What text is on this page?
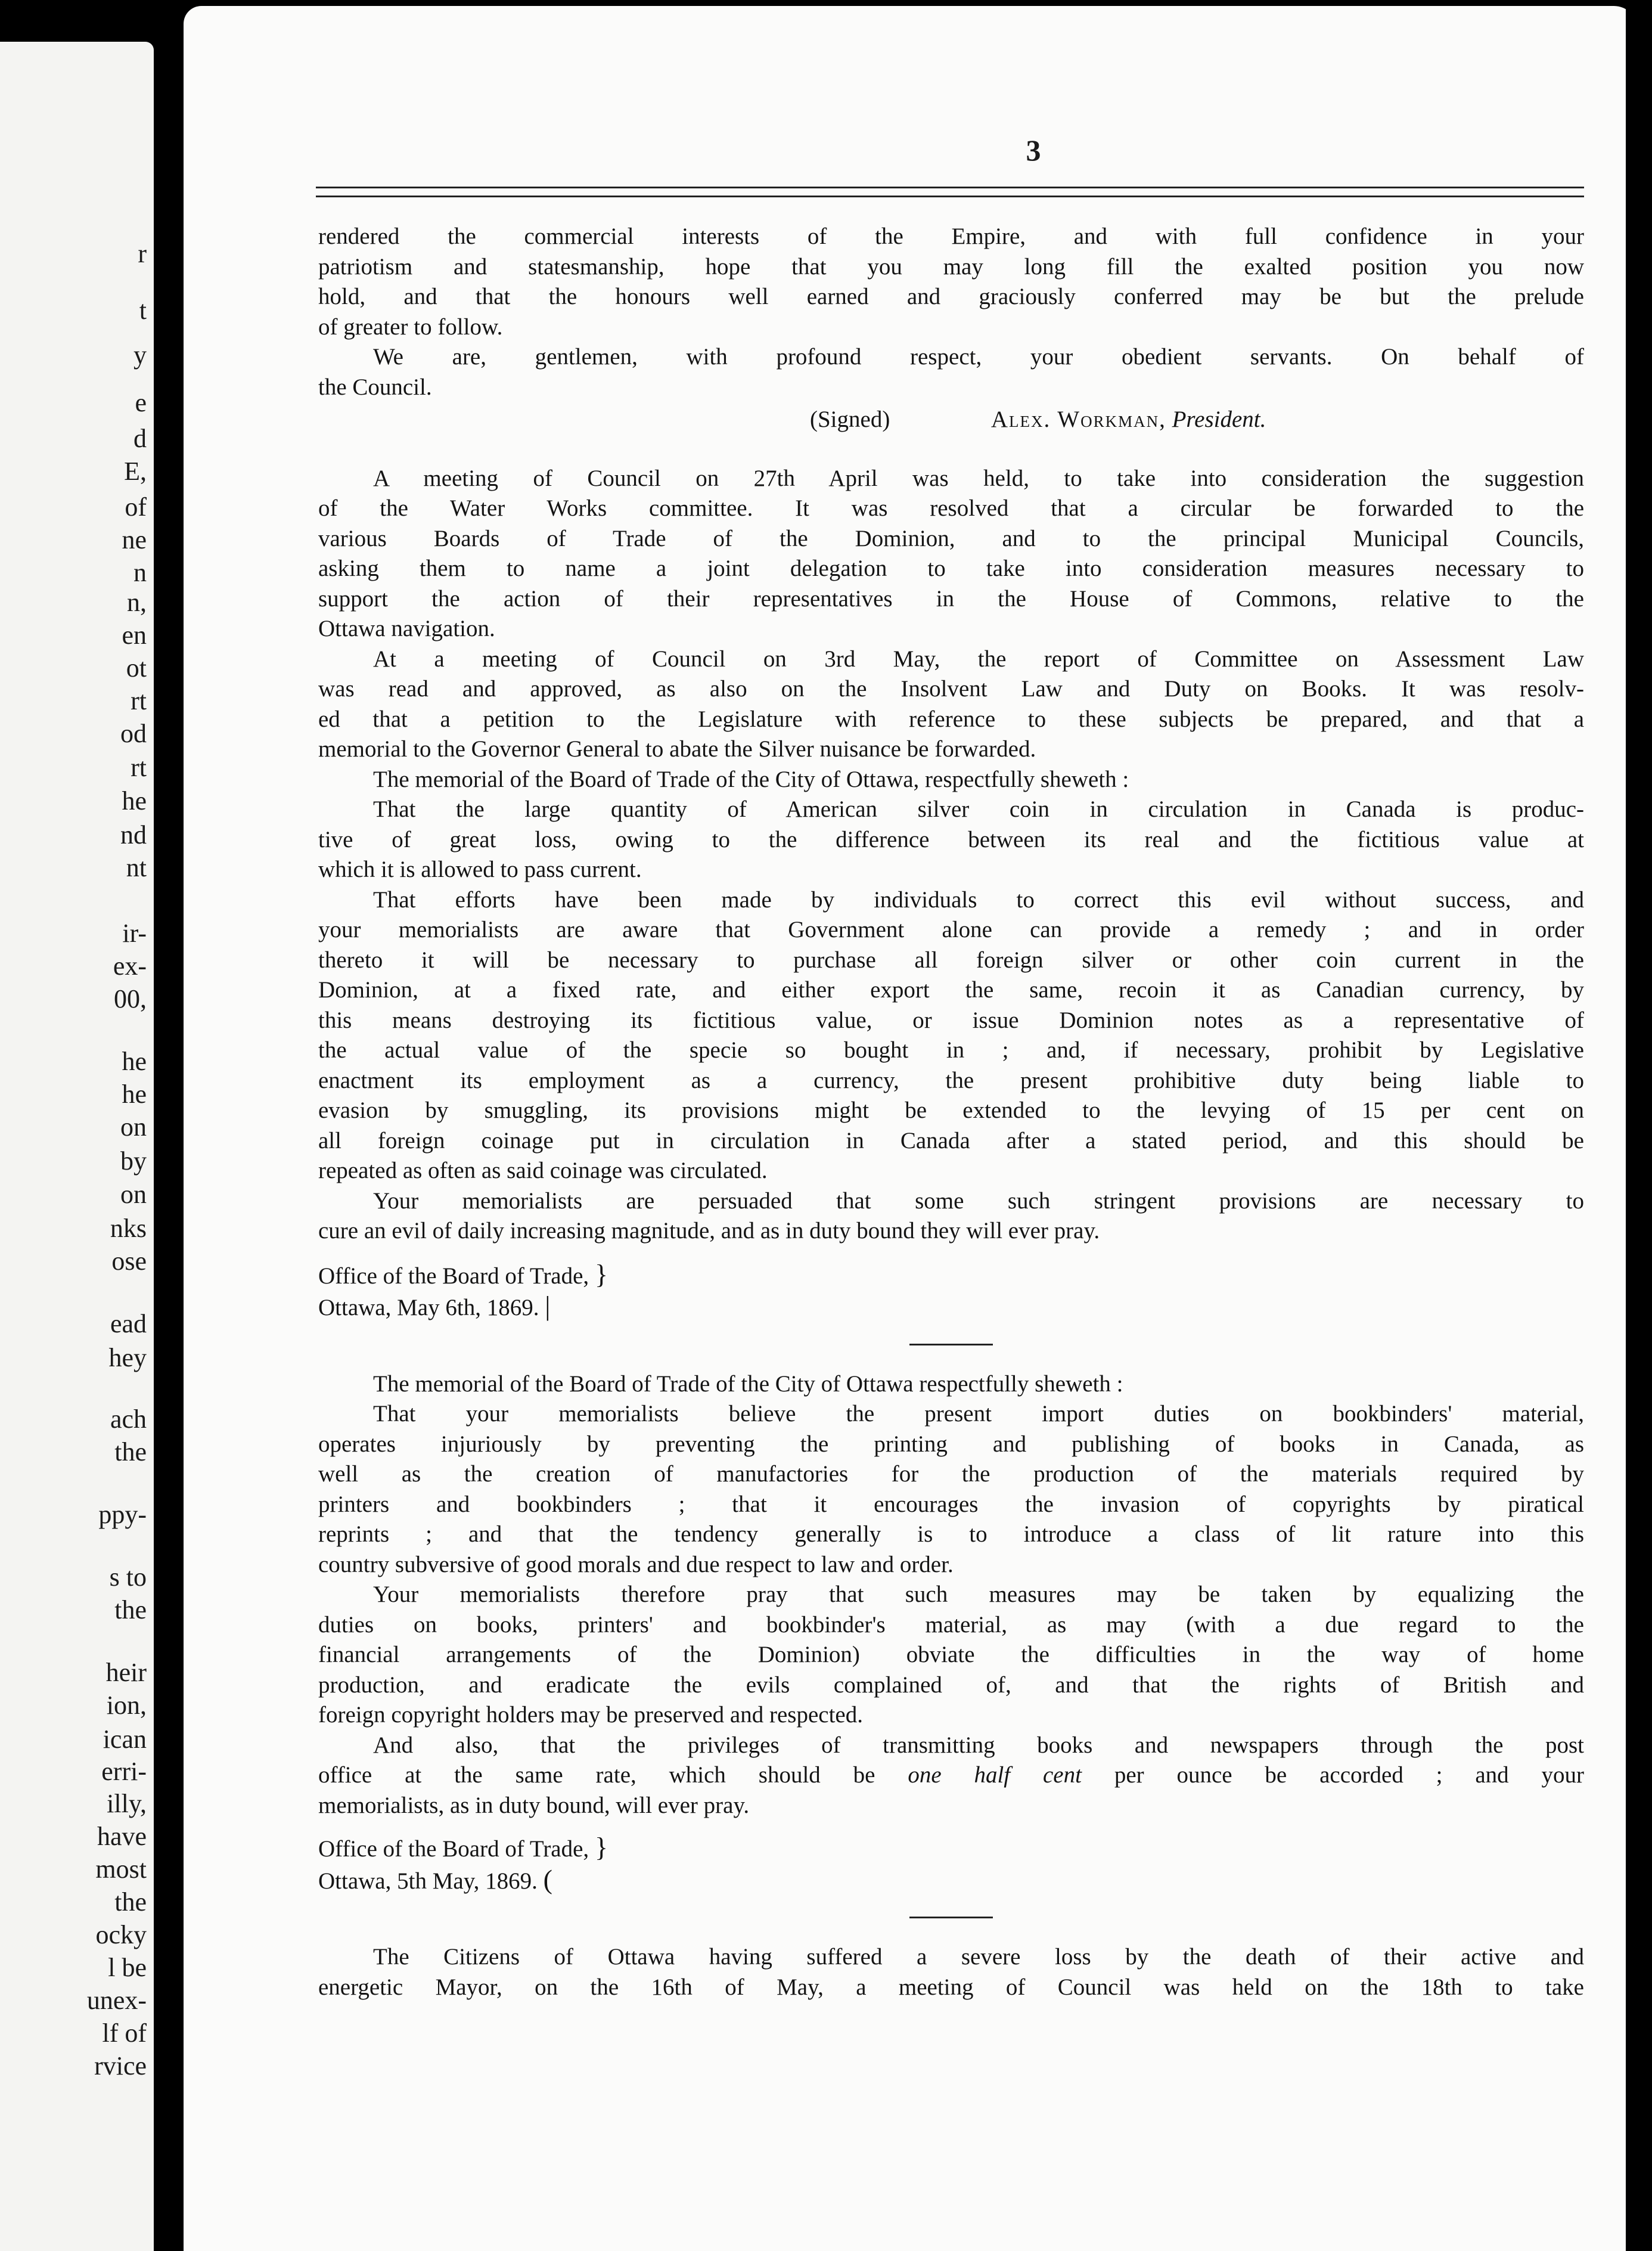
r
t
y
e
d
E,
of
ne
n
n,
en
ot
rt
od
rt
he
nd
nt
ir-
ex-
00,
he
he
on
by
on
nks
ose
ead
hey
ach
the
ppy-
s to
the
heir
ion,
ican
erri-
illy,
have
most
the
ocky
l be
unex-
lf of
rvice
3
rendered the commercial interests of the Empire, and with full confidence in your
patriotism and statesmanship, hope that you may long fill the exalted position you now
hold, and that the honours well earned and graciously conferred may be but the prelude
of greater to follow.
We are, gentlemen, with profound respect, your obedient servants. On behalf of
the Council.
(Signed)	Alex. Workman, President.
A meeting of Council on 27th April was held, to take into consideration the suggestion
of the Water Works committee. It was resolved that a circular be forwarded to the
various Boards of Trade of the Dominion, and to the principal Municipal Councils,
asking them to name a joint delegation to take into consideration measures necessary to
support the action of their representatives in the House of Commons, relative to the
Ottawa navigation.
At a meeting of Council on 3rd May, the report of Committee on Assessment Law
was read and approved, as also on the Insolvent Law and Duty on Books. It was resolv-
ed that a petition to the Legislature with reference to these subjects be prepared, and that a
memorial to the Governor General to abate the Silver nuisance be forwarded.
The memorial of the Board of Trade of the City of Ottawa, respectfully sheweth :
That the large quantity of American silver coin in circulation in Canada is produc-
tive of great loss, owing to the difference between its real and the fictitious value at
which it is allowed to pass current.
That efforts have been made by individuals to correct this evil without success, and
your memorialists are aware that Government alone can provide a remedy ; and in order
thereto it will be necessary to purchase all foreign silver or other coin current in the
Dominion, at a fixed rate, and either export the same, recoin it as Canadian currency, by
this means destroying its fictitious value, or issue Dominion notes as a representative of
the actual value of the specie so bought in ; and, if necessary, prohibit by Legislative
enactment its employment as a currency, the present prohibitive duty being liable to
evasion by smuggling, its provisions might be extended to the levying of 15 per cent on
all foreign coinage put in circulation in Canada after a stated period, and this should be
repeated as often as said coinage was circulated.
Your memorialists are persuaded that some such stringent provisions are necessary to
cure an evil of daily increasing magnitude, and as in duty bound they will ever pray.
Office of the Board of Trade, }
Ottawa, May 6th, 1869. |
The memorial of the Board of Trade of the City of Ottawa respectfully sheweth :
That your memorialists believe the present import duties on bookbinders' material,
operates injuriously by preventing the printing and publishing of books in Canada, as
well as the creation of manufactories for the production of the materials required by
printers and bookbinders ; that it encourages the invasion of copyrights by piratical
reprints ; and that the tendency generally is to introduce a class of lit rature into this
country subversive of good morals and due respect to law and order.
Your memorialists therefore pray that such measures may be taken by equalizing the
duties on books, printers' and bookbinder's material, as may (with a due regard to the
financial arrangements of the Dominion) obviate the difficulties in the way of home
production, and eradicate the evils complained of, and that the rights of British and
foreign copyright holders may be preserved and respected.
And also, that the privileges of transmitting books and newspapers through the post
office at the same rate, which should be one half cent per ounce be accorded ; and your
memorialists, as in duty bound, will ever pray.
Office of the Board of Trade, }
Ottawa, 5th May, 1869. (
The Citizens of Ottawa having suffered a severe loss by the death of their active and
energetic Mayor, on the 16th of May, a meeting of Council was held on the 18th to take
